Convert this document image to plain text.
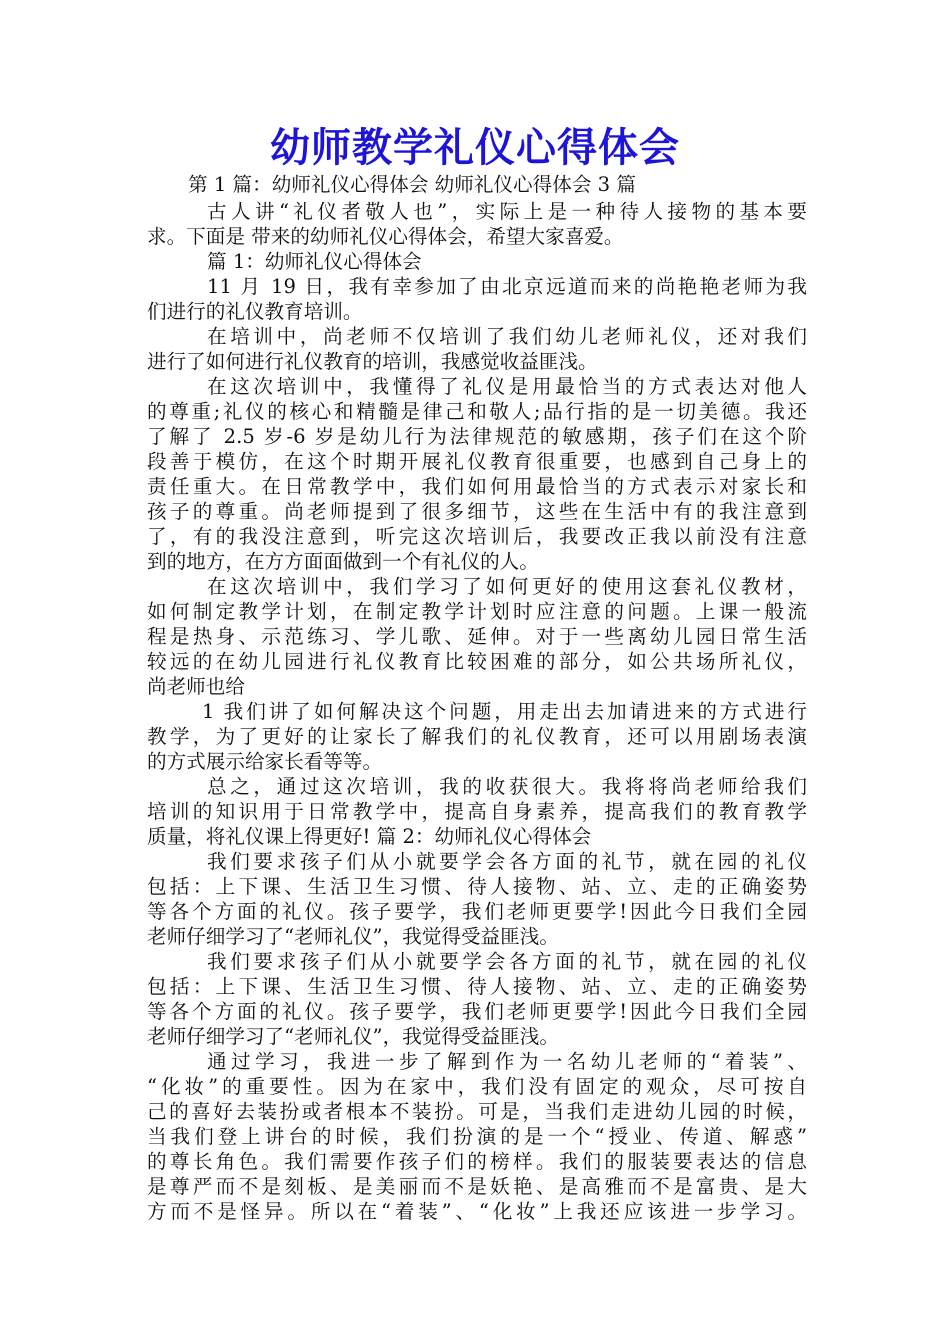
幼师教学礼仪心得体会
第 1 篇：幼师礼仪心得体会 幼师礼仪心得体会 3 篇
古人讲“礼仪者敬人也”，实际上是一种待人接物的基本要
求。下面是 带来的幼师礼仪心得体会，希望大家喜爱。
篇 1：幼师礼仪心得体会
11 月 19 日，我有幸参加了由北京远道而来的尚艳艳老师为我
们进行的礼仪教育培训。
在培训中，尚老师不仅培训了我们幼儿老师礼仪，还对我们
进行了如何进行礼仪教育的培训，我感觉收益匪浅。
在这次培训中，我懂得了礼仪是用最恰当的方式表达对他人
的尊重;礼仪的核心和精髓是律己和敬人;品行指的是一切美德。我还
了解了 2.5 岁-6 岁是幼儿行为法律规范的敏感期，孩子们在这个阶
段善于模仿，在这个时期开展礼仪教育很重要，也感到自己身上的
责任重大。在日常教学中，我们如何用最恰当的方式表示对家长和
孩子的尊重。尚老师提到了很多细节，这些在生活中有的我注意到
了，有的我没注意到，听完这次培训后，我要改正我以前没有注意
到的地方，在方方面面做到一个有礼仪的人。
在这次培训中，我们学习了如何更好的使用这套礼仪教材，
如何制定教学计划，在制定教学计划时应注意的问题。上课一般流
程是热身、示范练习、学儿歌、延伸。对于一些离幼儿园日常生活
较远的在幼儿园进行礼仪教育比较困难的部分，如公共场所礼仪，
尚老师也给
1 我们讲了如何解决这个问题，用走出去加请进来的方式进行
教学，为了更好的让家长了解我们的礼仪教育，还可以用剧场表演
的方式展示给家长看等等。
总之，通过这次培训，我的收获很大。我将将尚老师给我们
培训的知识用于日常教学中，提高自身素养，提高我们的教育教学
质量，将礼仪课上得更好! 篇 2：幼师礼仪心得体会
我们要求孩子们从小就要学会各方面的礼节，就在园的礼仪
包括：上下课、生活卫生习惯、待人接物、站、立、走的正确姿势
等各个方面的礼仪。孩子要学，我们老师更要学!因此今日我们全园
老师仔细学习了“老师礼仪”，我觉得受益匪浅。
我们要求孩子们从小就要学会各方面的礼节，就在园的礼仪
包括：上下课、生活卫生习惯、待人接物、站、立、走的正确姿势
等各个方面的礼仪。孩子要学，我们老师更要学!因此今日我们全园
老师仔细学习了“老师礼仪”，我觉得受益匪浅。
通过学习，我进一步了解到作为一名幼儿老师的“着装”、
“化妆”的重要性。因为在家中，我们没有固定的观众，尽可按自
己的喜好去装扮或者根本不装扮。可是，当我们走进幼儿园的时候，
当我们登上讲台的时候，我们扮演的是一个“授业、传道、解惑”
的尊长角色。我们需要作孩子们的榜样。我们的服装要表达的信息
是尊严而不是刻板、是美丽而不是妖艳、是高雅而不是富贵、是大
方而不是怪异。所以在“着装”、“化妆”上我还应该进一步学习。
